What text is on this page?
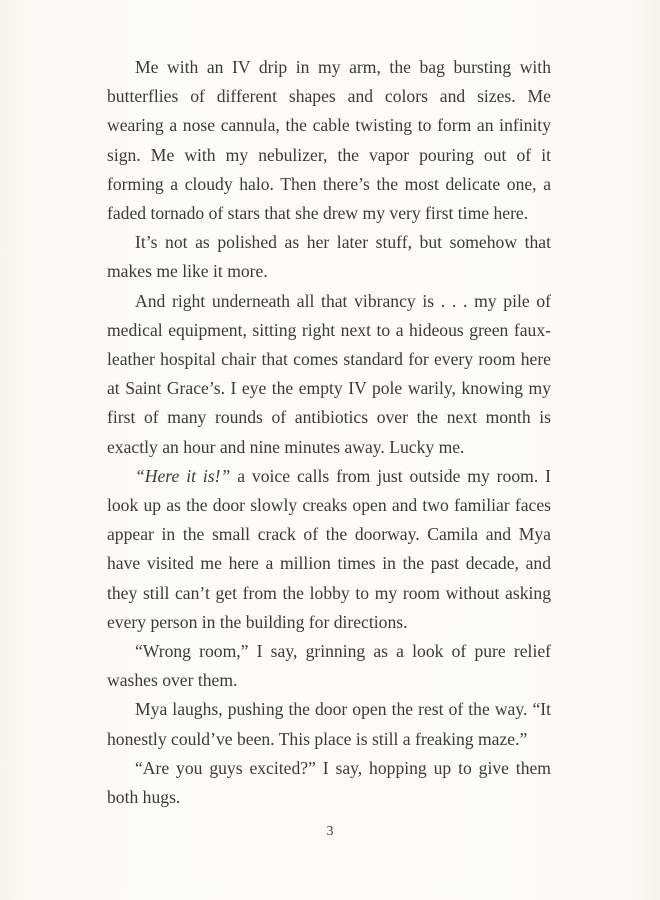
Me with an IV drip in my arm, the bag bursting with butterflies of different shapes and colors and sizes. Me wearing a nose cannula, the cable twisting to form an infinity sign. Me with my nebulizer, the vapor pouring out of it forming a cloudy halo. Then there’s the most delicate one, a faded tornado of stars that she drew my very first time here.

It’s not as polished as her later stuff, but somehow that makes me like it more.

And right underneath all that vibrancy is . . . my pile of medical equipment, sitting right next to a hideous green faux-leather hospital chair that comes standard for every room here at Saint Grace’s. I eye the empty IV pole warily, knowing my first of many rounds of antibiotics over the next month is exactly an hour and nine minutes away. Lucky me.

“Here it is!” a voice calls from just outside my room. I look up as the door slowly creaks open and two familiar faces appear in the small crack of the doorway. Camila and Mya have visited me here a million times in the past decade, and they still can’t get from the lobby to my room without asking every person in the building for directions.

“Wrong room,” I say, grinning as a look of pure relief washes over them.

Mya laughs, pushing the door open the rest of the way. “It honestly could’ve been. This place is still a freaking maze.”

“Are you guys excited?” I say, hopping up to give them both hugs.

3
